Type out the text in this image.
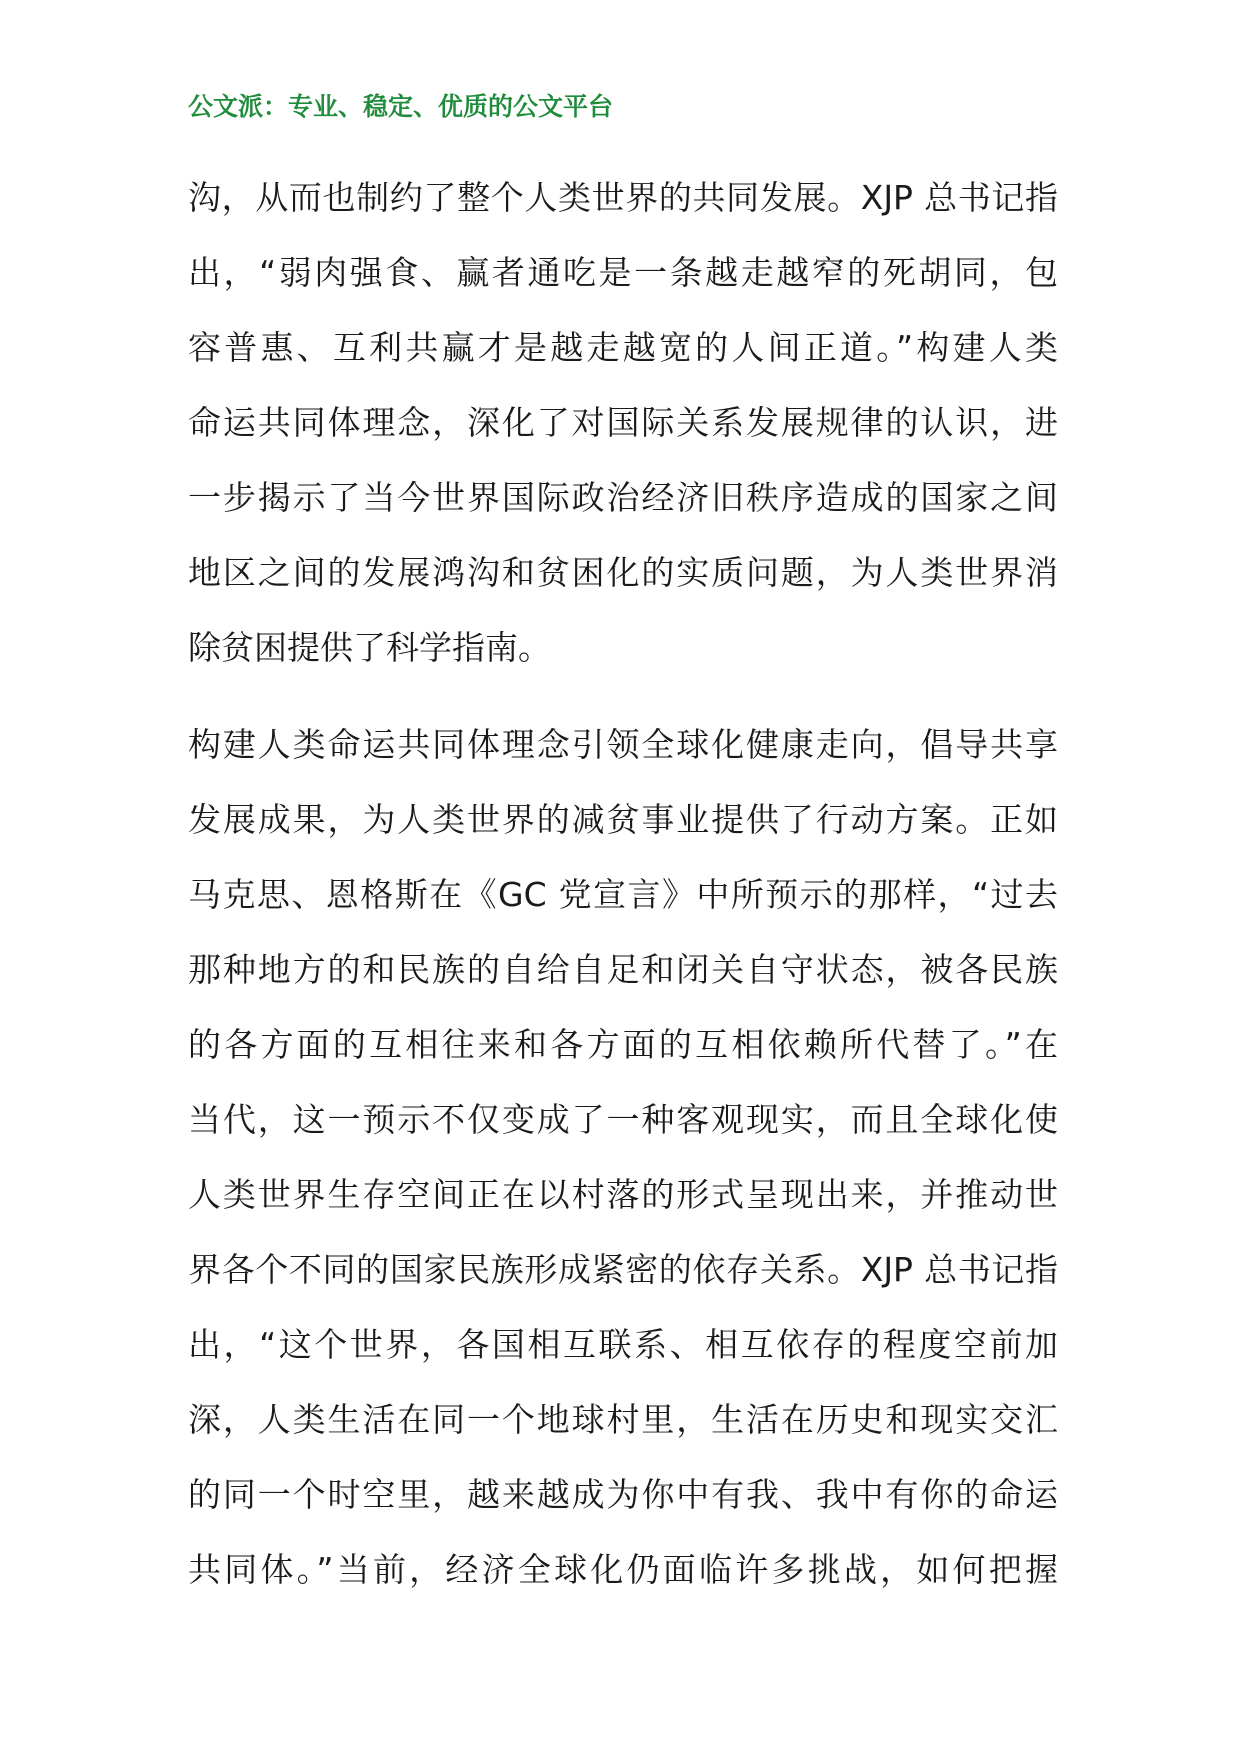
公文派：专业、稳定、优质的公文平台
沟，从而也制约了整个人类世界的共同发展。XJP 总书记指
出，“弱肉强食、赢者通吃是一条越走越窄的死胡同，包
容普惠、互利共赢才是越走越宽的人间正道。”构建人类
命运共同体理念，深化了对国际关系发展规律的认识，进
一步揭示了当今世界国际政治经济旧秩序造成的国家之间
地区之间的发展鸿沟和贫困化的实质问题，为人类世界消
除贫困提供了科学指南。
构建人类命运共同体理念引领全球化健康走向，倡导共享
发展成果，为人类世界的减贫事业提供了行动方案。正如
马克思、恩格斯在《GC 党宣言》中所预示的那样，“过去
那种地方的和民族的自给自足和闭关自守状态，被各民族
的各方面的互相往来和各方面的互相依赖所代替了。”在
当代，这一预示不仅变成了一种客观现实，而且全球化使
人类世界生存空间正在以村落的形式呈现出来，并推动世
界各个不同的国家民族形成紧密的依存关系。XJP 总书记指
出，“这个世界，各国相互联系、相互依存的程度空前加
深，人类生活在同一个地球村里，生活在历史和现实交汇
的同一个时空里，越来越成为你中有我、我中有你的命运
共同体。”当前，经济全球化仍面临许多挑战，如何把握
